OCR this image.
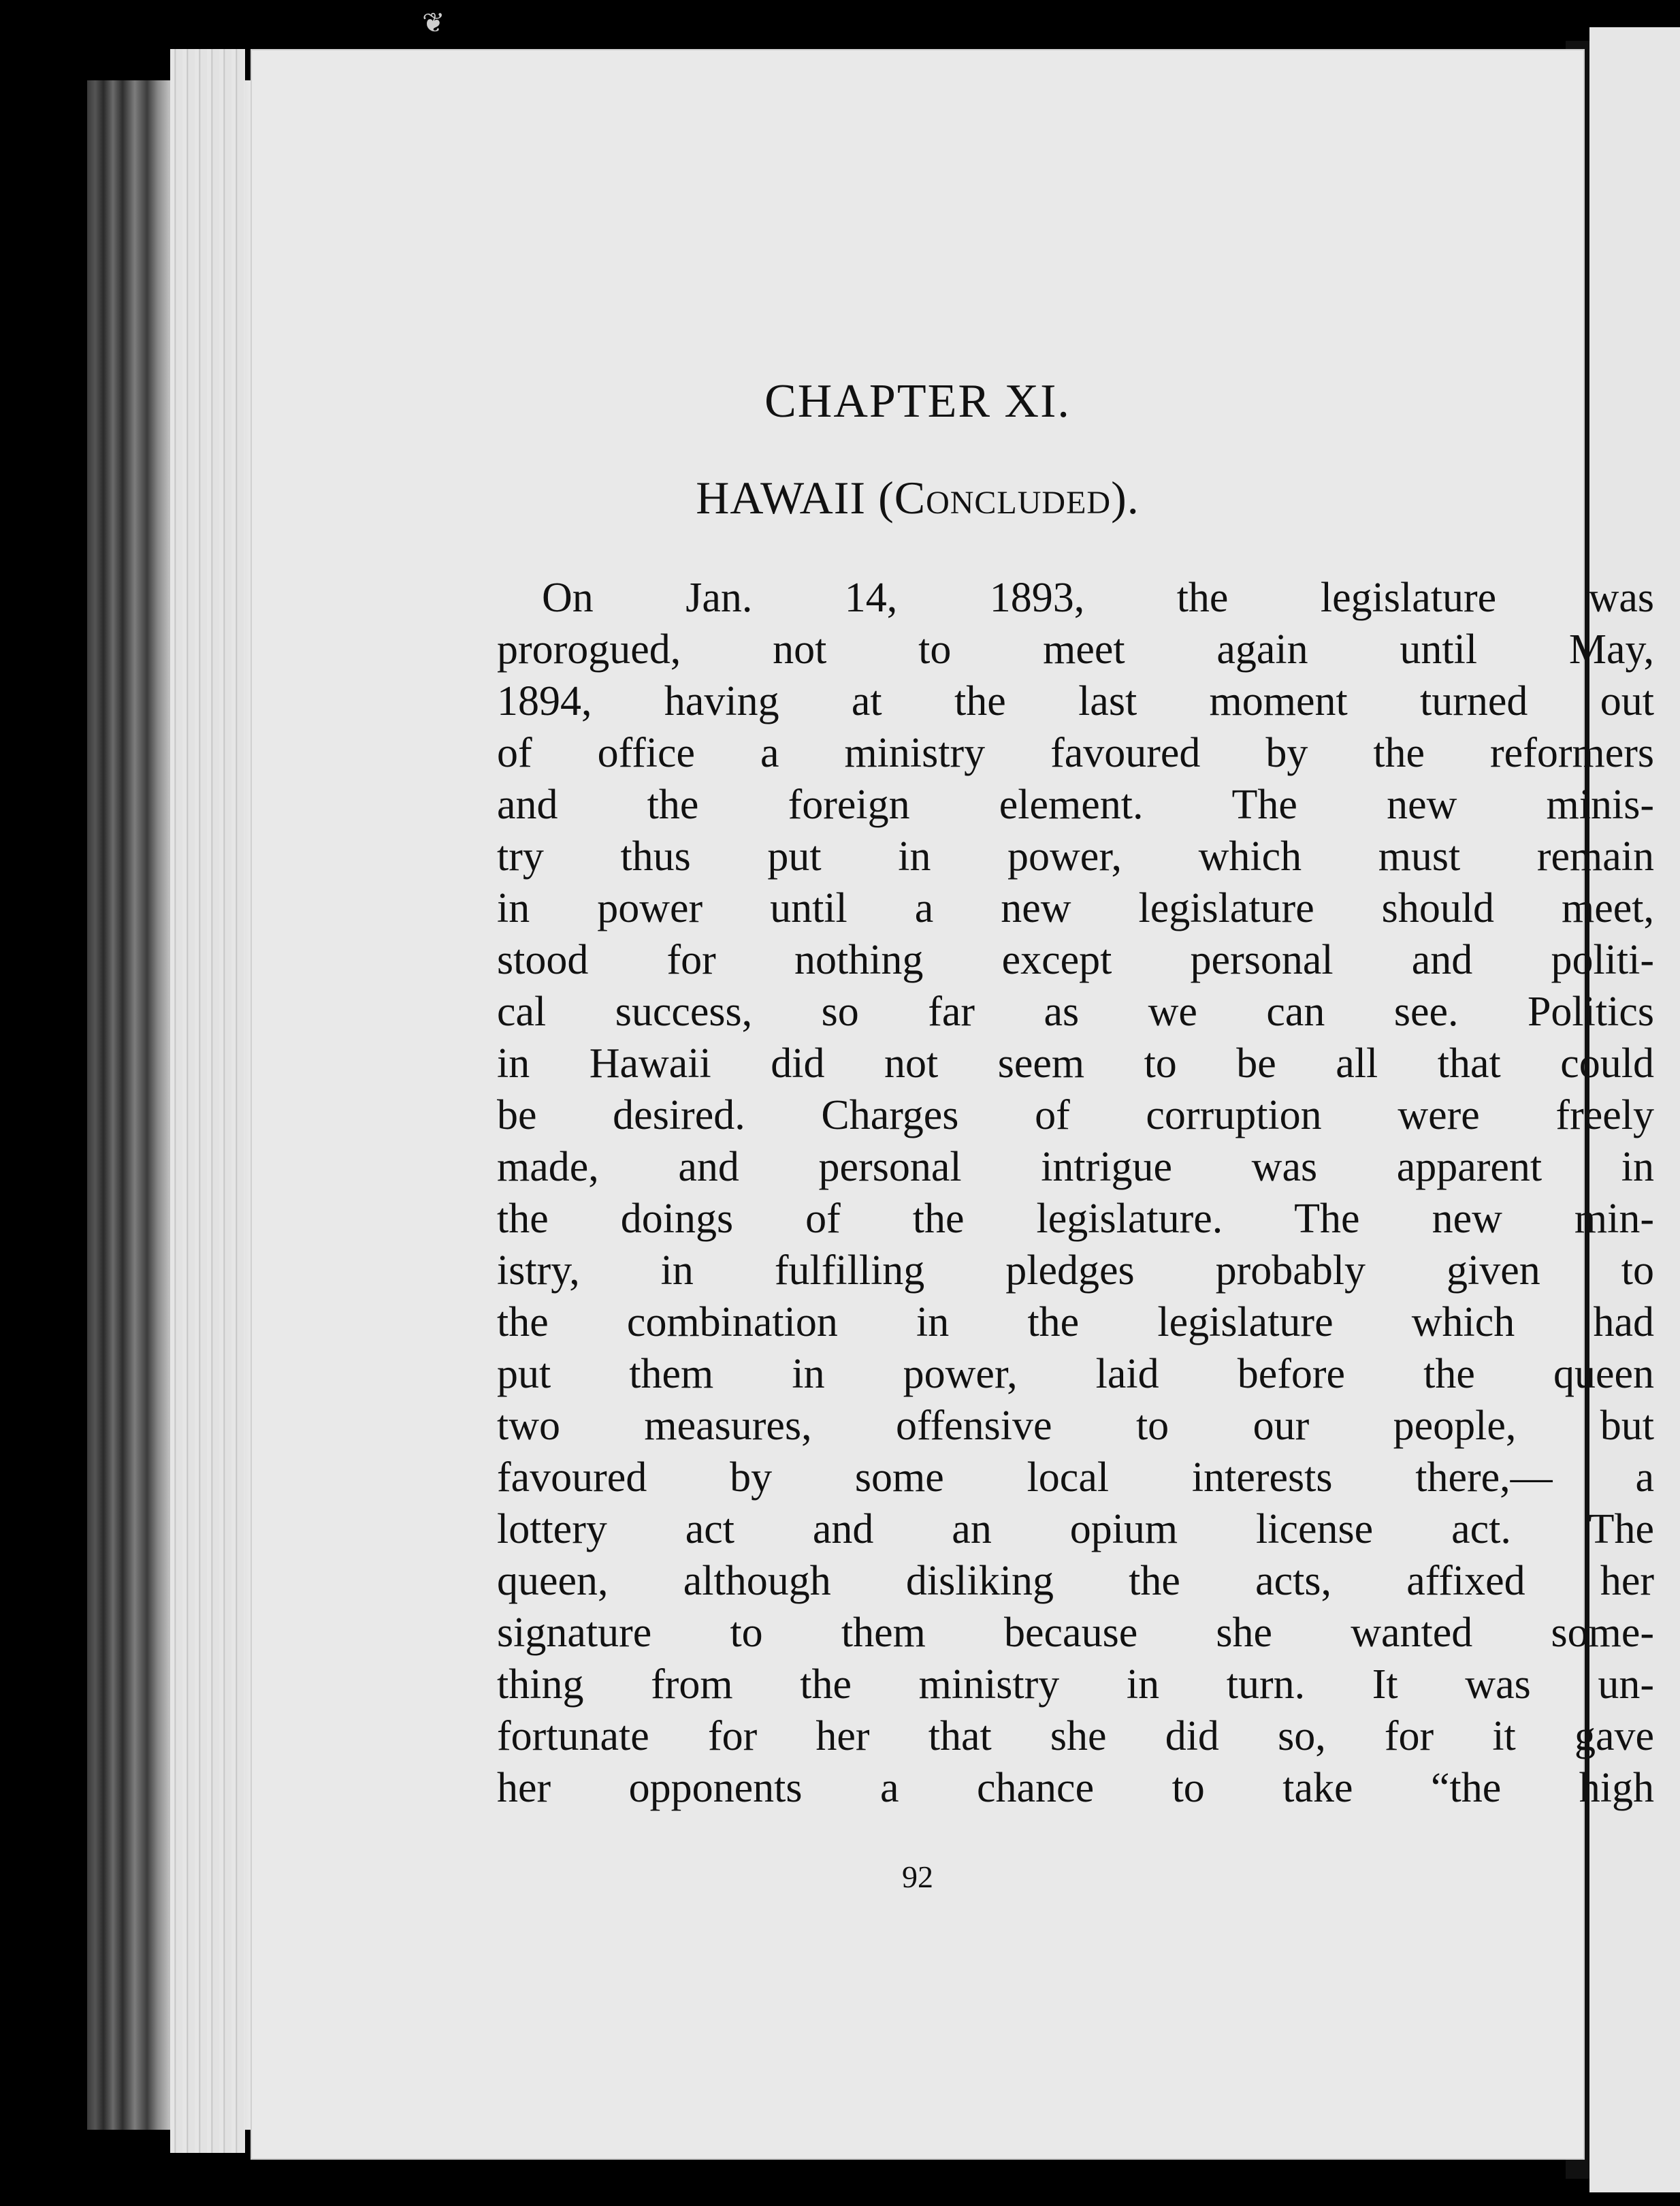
❦
CHAPTER XI.
HAWAII (Concluded).
On Jan. 14, 1893, the legislature was
prorogued, not to meet again until May,
1894, having at the last moment turned out
of office a ministry favoured by the reformers
and the foreign element. The new minis-
try thus put in power, which must remain
in power until a new legislature should meet,
stood for nothing except personal and politi-
cal success, so far as we can see. Politics
in Hawaii did not seem to be all that could
be desired. Charges of corruption were freely
made, and personal intrigue was apparent in
the doings of the legislature. The new min-
istry, in fulfilling pledges probably given to
the combination in the legislature which had
put them in power, laid before the queen
two measures, offensive to our people, but
favoured by some local interests there,— a
lottery act and an opium license act. The
queen, although disliking the acts, affixed her
signature to them because she wanted some-
thing from the ministry in turn. It was un-
fortunate for her that she did so, for it gave
her opponents a chance to take “the high
92
